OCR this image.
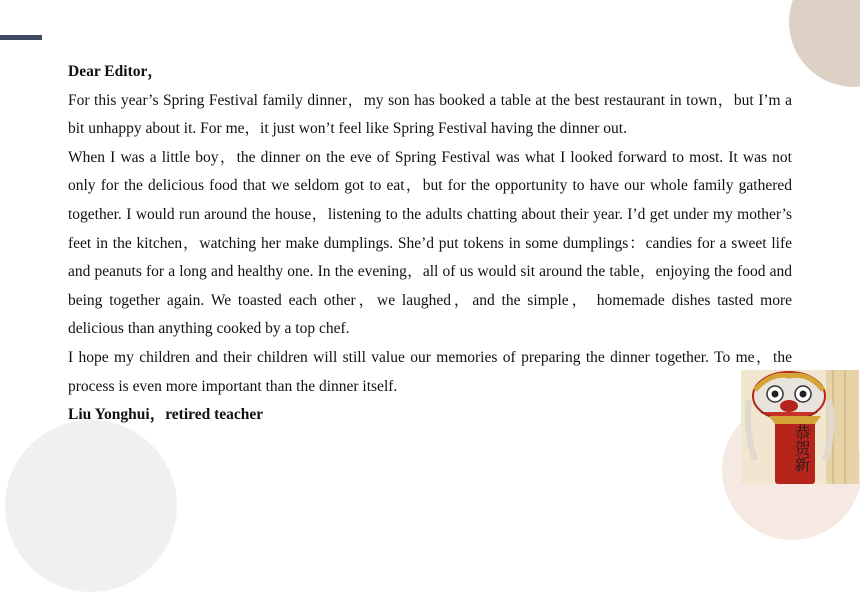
Dear Editor，

For this year’s Spring Festival family dinner，my son has booked a table at the best restaurant in town，but I’m a bit unhappy about it. For me，it just won’t feel like Spring Festival having the dinner out.

When I was a little boy，the dinner on the eve of Spring Festival was what I looked forward to most. It was not only for the delicious food that we seldom got to eat，but for the opportunity to have our whole family gathered together. I would run around the house，listening to the adults chatting about their year. I’d get under my mother’s feet in the kitchen，watching her make dumplings. She’d put tokens in some dumplings：candies for a sweet life and peanuts for a long and healthy one. In the evening，all of us would sit around the table，enjoying the food and being together again. We toasted each other，we laughed，and the simple， homemade dishes tasted more delicious than anything cooked by a top chef.

I hope my children and their children will still value our memories of preparing the dinner together. To me，the process is even more important than the dinner itself.

Liu Yonghui，retired teacher

恭贺新
